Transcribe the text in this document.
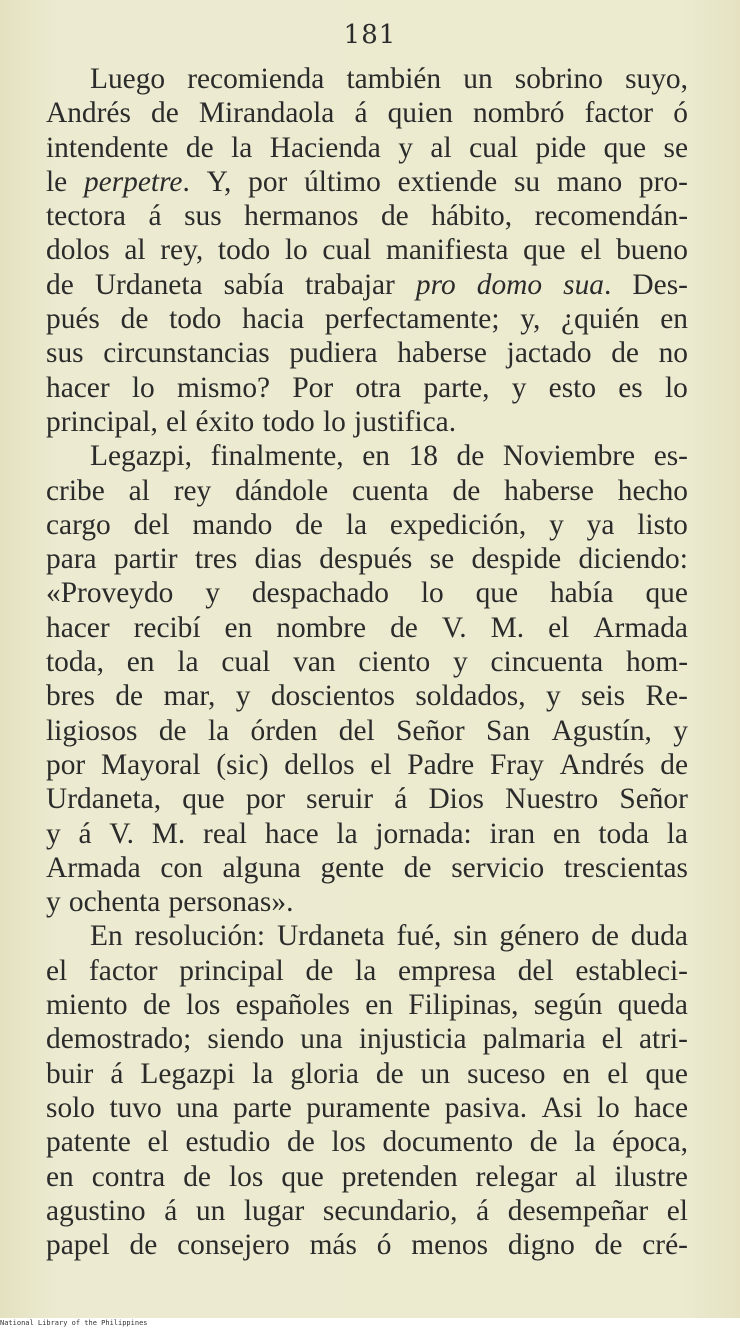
181
Luego recomienda también un sobrino suyo,
Andrés de Mirandaola á quien nombró factor ó
intendente de la Hacienda y al cual pide que se
le perpetre. Y, por último extiende su mano pro-
tectora á sus hermanos de hábito, recomendán-
dolos al rey, todo lo cual manifiesta que el bueno
de Urdaneta sabía trabajar pro domo sua. Des-
pués de todo hacia perfectamente; y, ¿quién en
sus circunstancias pudiera haberse jactado de no
hacer lo mismo? Por otra parte, y esto es lo
principal, el éxito todo lo justifica.
Legazpi, finalmente, en 18 de Noviembre es-
cribe al rey dándole cuenta de haberse hecho
cargo del mando de la expedición, y ya listo
para partir tres dias después se despide diciendo:
«Proveydo y despachado lo que había que
hacer recibí en nombre de V. M. el Armada
toda, en la cual van ciento y cincuenta hom-
bres de mar, y doscientos soldados, y seis Re-
ligiosos de la órden del Señor San Agustín, y
por Mayoral (sic) dellos el Padre Fray Andrés de
Urdaneta, que por seruir á Dios Nuestro Señor
y á V. M. real hace la jornada: iran en toda la
Armada con alguna gente de servicio trescientas
y ochenta personas».
En resolución: Urdaneta fué, sin género de duda
el factor principal de la empresa del estableci-
miento de los españoles en Filipinas, según queda
demostrado; siendo una injusticia palmaria el atri-
buir á Legazpi la gloria de un suceso en el que
solo tuvo una parte puramente pasiva. Asi lo hace
patente el estudio de los documento de la época,
en contra de los que pretenden relegar al ilustre
agustino á un lugar secundario, á desempeñar el
papel de consejero más ó menos digno de cré-
National Library of the Philippines
